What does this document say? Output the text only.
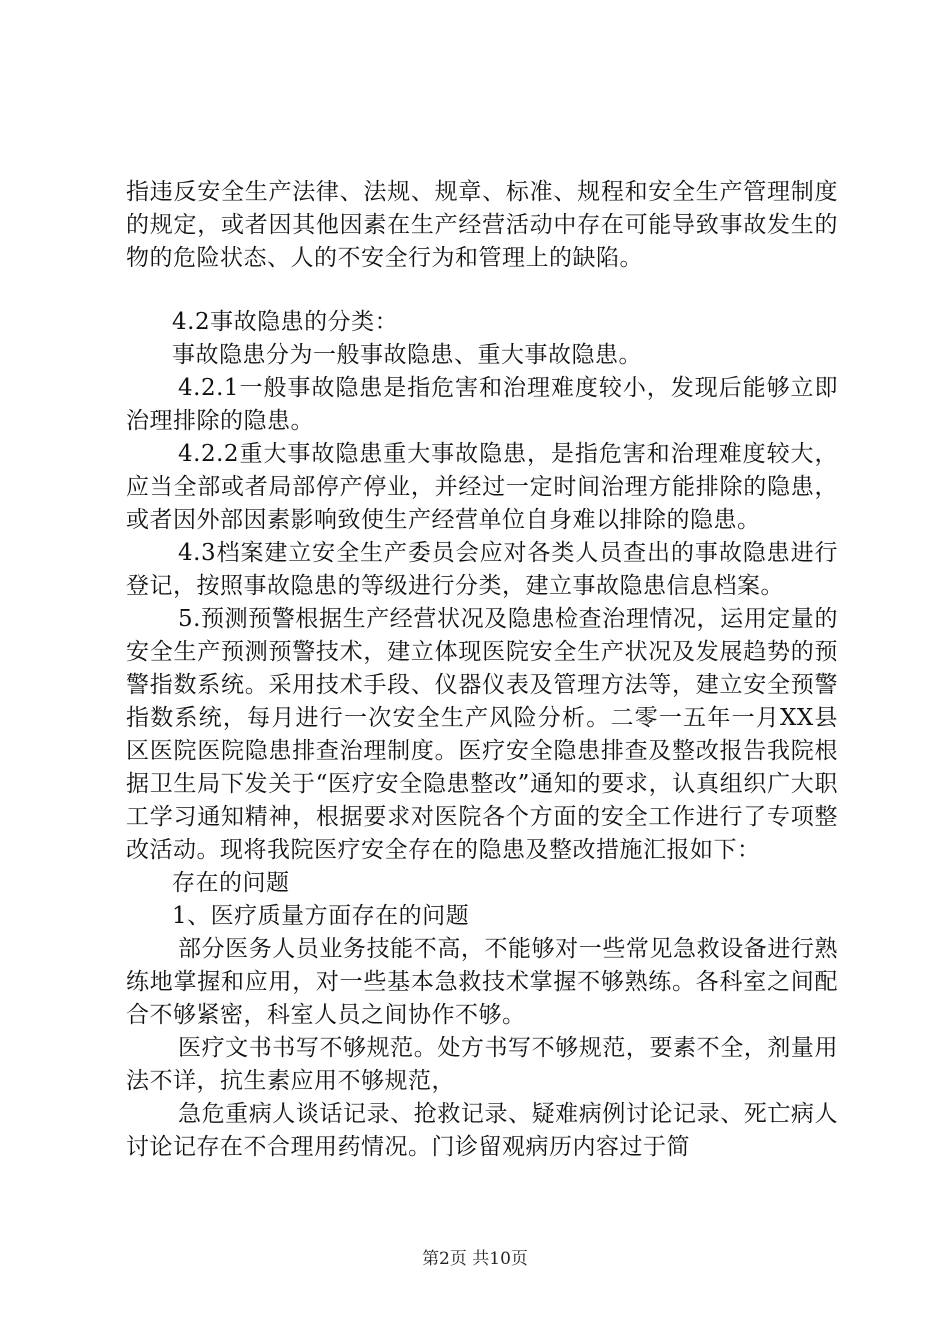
指违反安全生产法律、法规、规章、标准、规程和安全生产管理制度的规定，或者因其他因素在生产经营活动中存在可能导致事故发生的物的危险状态、人的不安全行为和管理上的缺陷。

4.2事故隐患的分类：

事故隐患分为一般事故隐患、重大事故隐患。

4.2.1一般事故隐患是指危害和治理难度较小，发现后能够立即治理排除的隐患。

4.2.2重大事故隐患重大事故隐患，是指危害和治理难度较大，应当全部或者局部停产停业，并经过一定时间治理方能排除的隐患，或者因外部因素影响致使生产经营单位自身难以排除的隐患。

4.3档案建立安全生产委员会应对各类人员查出的事故隐患进行登记，按照事故隐患的等级进行分类，建立事故隐患信息档案。

5.预测预警根据生产经营状况及隐患检查治理情况，运用定量的安全生产预测预警技术，建立体现医院安全生产状况及发展趋势的预警指数系统。采用技术手段、仪器仪表及管理方法等，建立安全预警指数系统，每月进行一次安全生产风险分析。二零一五年一月XX县区医院医院隐患排查治理制度。医疗安全隐患排查及整改报告我院根据卫生局下发关于“医疗安全隐患整改”通知的要求，认真组织广大职工学习通知精神，根据要求对医院各个方面的安全工作进行了专项整改活动。现将我院医疗安全存在的隐患及整改措施汇报如下：

存在的问题

1、医疗质量方面存在的问题

部分医务人员业务技能不高，不能够对一些常见急救设备进行熟练地掌握和应用，对一些基本急救技术掌握不够熟练。各科室之间配合不够紧密，科室人员之间协作不够。

医疗文书书写不够规范。处方书写不够规范，要素不全，剂量用法不详，抗生素应用不够规范，

急危重病人谈话记录、抢救记录、疑难病例讨论记录、死亡病人讨论记存在不合理用药情况。门诊留观病历内容过于简

第2页 共10页
